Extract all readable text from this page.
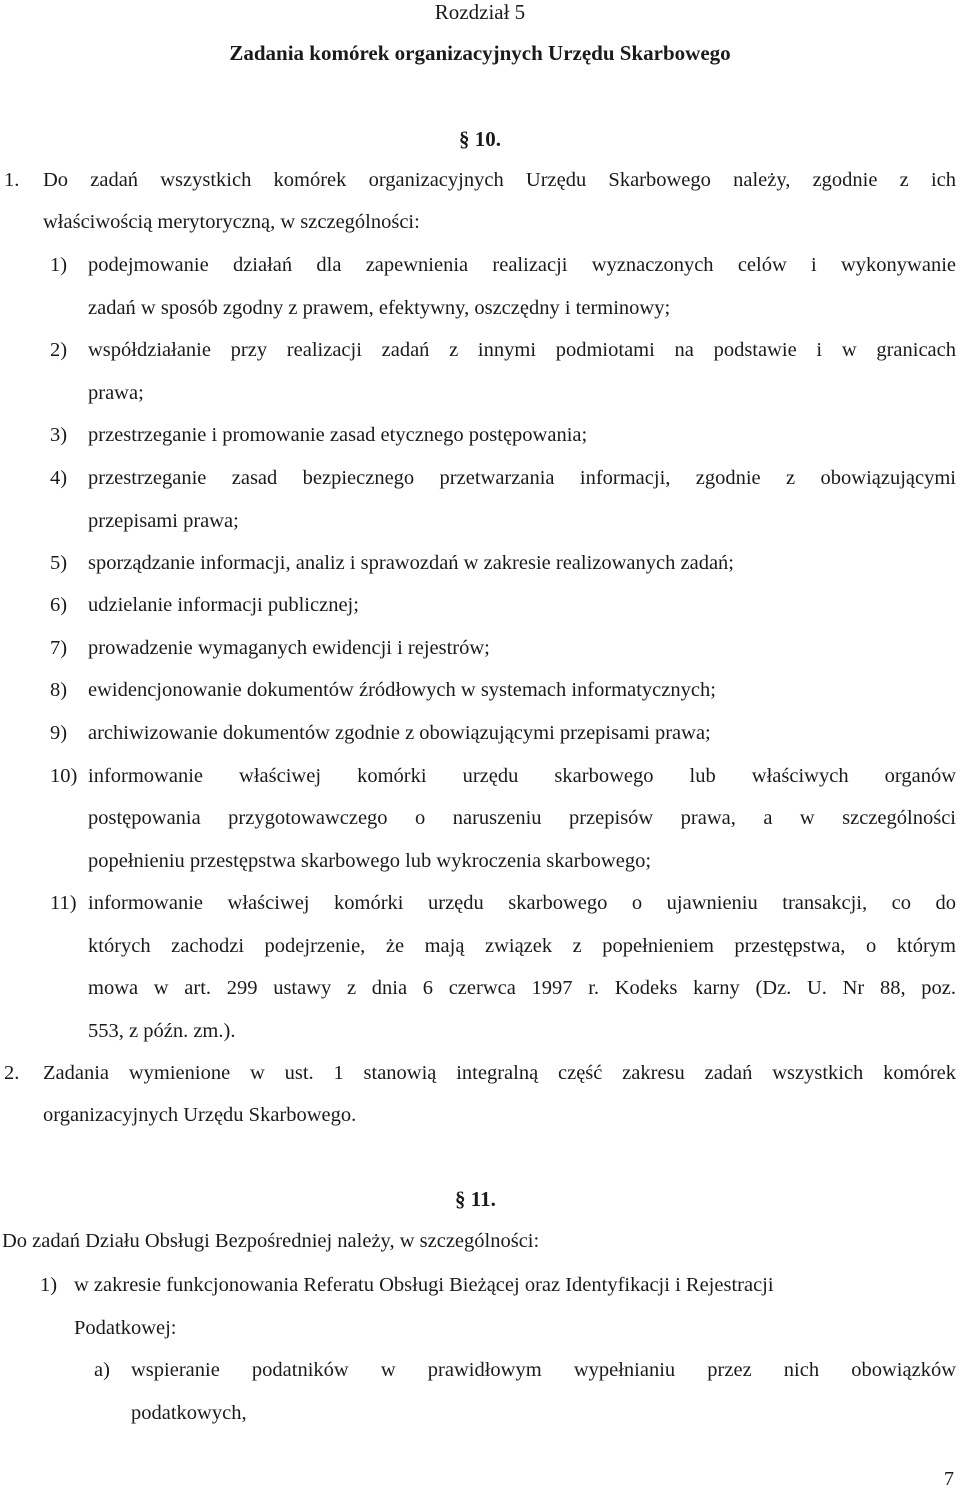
Rozdział 5
Zadania komórek organizacyjnych Urzędu Skarbowego
§ 10.
1. Do zadań wszystkich komórek organizacyjnych Urzędu Skarbowego należy, zgodnie z ich
właściwością merytoryczną, w szczególności:
1) podejmowanie działań dla zapewnienia realizacji wyznaczonych celów i wykonywanie
zadań w sposób zgodny z prawem, efektywny, oszczędny i terminowy;
2) współdziałanie przy realizacji zadań z innymi podmiotami na podstawie i w granicach
prawa;
3) przestrzeganie i promowanie zasad etycznego postępowania;
4) przestrzeganie zasad bezpiecznego przetwarzania informacji, zgodnie z obowiązującymi
przepisami prawa;
5) sporządzanie informacji, analiz i sprawozdań w zakresie realizowanych zadań;
6) udzielanie informacji publicznej;
7) prowadzenie wymaganych ewidencji i rejestrów;
8) ewidencjonowanie dokumentów źródłowych w systemach informatycznych;
9) archiwizowanie dokumentów zgodnie z obowiązującymi przepisami prawa;
10) informowanie właściwej komórki urzędu skarbowego lub właściwych organów
postępowania przygotowawczego o naruszeniu przepisów prawa, a w szczególności
popełnieniu przestępstwa skarbowego lub wykroczenia skarbowego;
11) informowanie właściwej komórki urzędu skarbowego o ujawnieniu transakcji, co do
których zachodzi podejrzenie, że mają związek z popełnieniem przestępstwa, o którym
mowa w art. 299 ustawy z dnia 6 czerwca 1997 r. Kodeks karny (Dz. U. Nr 88, poz.
553, z późn. zm.).
2. Zadania wymienione w ust. 1 stanowią integralną część zakresu zadań wszystkich komórek
organizacyjnych Urzędu Skarbowego.
§ 11.
Do zadań Działu Obsługi Bezpośredniej należy, w szczególności:
1) w zakresie funkcjonowania Referatu Obsługi Bieżącej oraz Identyfikacji i Rejestracji
Podatkowej:
a) wspieranie podatników w prawidłowym wypełnianiu przez nich obowiązków
podatkowych,
7
